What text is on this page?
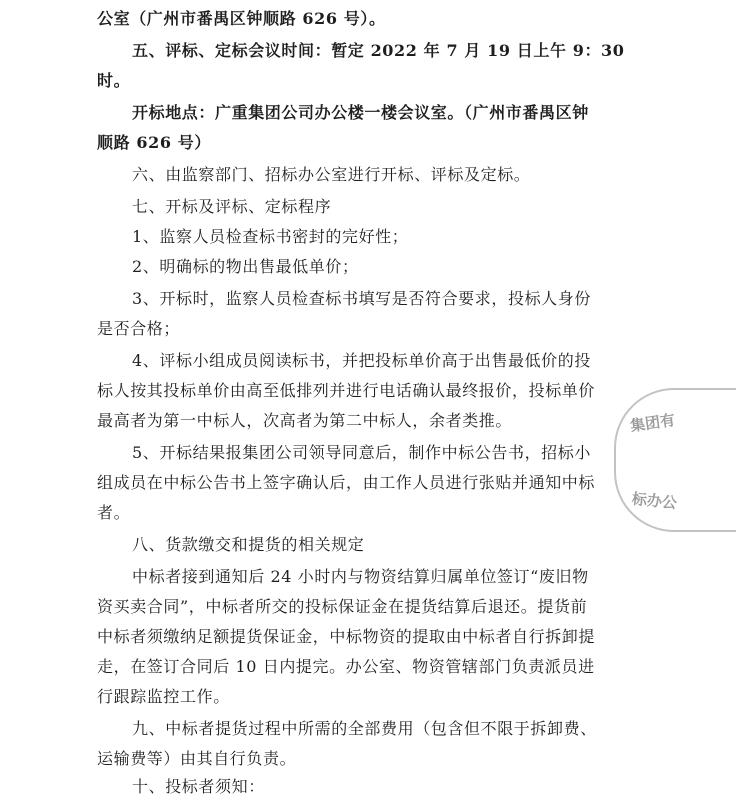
公室（广州市番禺区钟顺路 626 号）。
五、评标、定标会议时间：暂定 2022 年 7 月 19 日上午 9：30
时。
开标地点：广重集团公司办公楼一楼会议室。（广州市番禺区钟
顺路 626 号）
六、由监察部门、招标办公室进行开标、评标及定标。
七、开标及评标、定标程序
1、监察人员检查标书密封的完好性；
2、明确标的物出售最低单价；
3、开标时，监察人员检查标书填写是否符合要求，投标人身份
是否合格；
4、评标小组成员阅读标书，并把投标单价高于出售最低价的投
标人按其投标单价由高至低排列并进行电话确认最终报价，投标单价
最高者为第一中标人，次高者为第二中标人，余者类推。
5、开标结果报集团公司领导同意后，制作中标公告书，招标小
组成员在中标公告书上签字确认后，由工作人员进行张贴并通知中标
者。
八、货款缴交和提货的相关规定
中标者接到通知后 24 小时内与物资结算归属单位签订“废旧物
资买卖合同”，中标者所交的投标保证金在提货结算后退还。提货前
中标者须缴纳足额提货保证金，中标物资的提取由中标者自行拆卸提
走，在签订合同后 10 日内提完。办公室、物资管辖部门负责派员进
行跟踪监控工作。
九、中标者提货过程中所需的全部费用（包含但不限于拆卸费、
运输费等）由其自行负责。
十、投标者须知：
集团有
标办公
